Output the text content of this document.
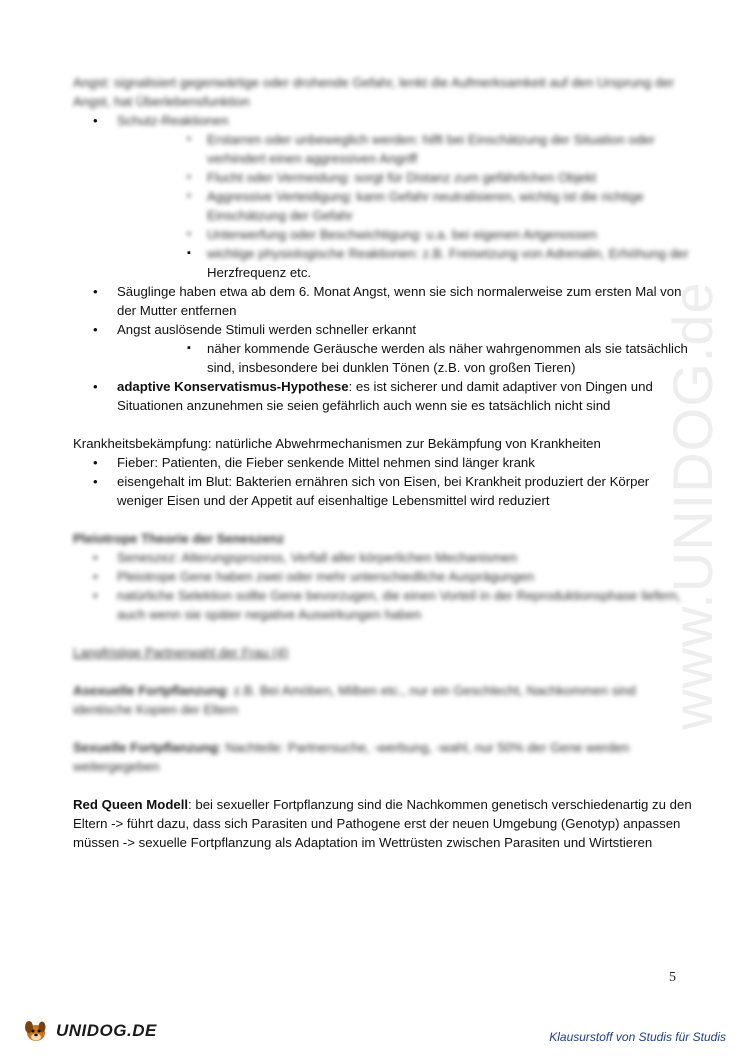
www.UNIDOG.de

Angst: signalisiert gegenwärtige oder drohende Gefahr, lenkt die Aufmerksamkeit auf den Ursprung der Angst, hat Überlebensfunktion

• Schutz-Reaktionen
▪ Erstarren oder unbeweglich werden: hilft bei Einschätzung der Situation oder verhindert einen aggressiven Angriff
▪ Flucht oder Vermeidung: sorgt für Distanz zum gefährlichen Objekt
▪ Aggressive Verteidigung: kann Gefahr neutralisieren, wichtig ist die richtige Einschätzung der Gefahr
▪ Unterwerfung oder Beschwichtigung: u.a. bei eigenen Artgenossen
▪ wichtige physiologische Reaktionen: z.B. Freisetzung von Adrenalin, Erhöhung der
Herzfrequenz etc.
• Säuglinge haben etwa ab dem 6. Monat Angst, wenn sie sich normalerweise zum ersten Mal von der Mutter entfernen
• Angst auslösende Stimuli werden schneller erkannt
▪ näher kommende Geräusche werden als näher wahrgenommen als sie tatsächlich sind, insbesondere bei dunklen Tönen (z.B. von großen Tieren)
• adaptive Konservatismus-Hypothese: es ist sicherer und damit adaptiver von Dingen und Situationen anzunehmen sie seien gefährlich auch wenn sie es tatsächlich nicht sind

Krankheitsbekämpfung: natürliche Abwehrmechanismen zur Bekämpfung von Krankheiten

• Fieber: Patienten, die Fieber senkende Mittel nehmen sind länger krank
• eisengehalt im Blut: Bakterien ernähren sich von Eisen, bei Krankheit produziert der Körper weniger Eisen und der Appetit auf eisenhaltige Lebensmittel wird reduziert

Pleiotrope Theorie der Seneszenz

• Seneszez: Alterungsprozess, Verfall aller körperlichen Mechanismen
• Pleiotrope Gene haben zwei oder mehr unterschiedliche Ausprägungen
• natürliche Selektion sollte Gene bevorzugen, die einen Vorteil in der Reproduktionsphase liefern, auch wenn sie später negative Auswirkungen haben

Langfristige Partnerwahl der Frau (4)

Asexuelle Fortpflanzung: z.B. Bei Amöben, Milben etc., nur ein Geschlecht, Nachkommen sind identische Kopien der Eltern

Sexuelle Fortpflanzung: Nachteile: Partnersuche, -werbung, -wahl, nur 50% der Gene werden weitergegeben

Red Queen Modell: bei sexueller Fortpflanzung sind die Nachkommen genetisch verschiedenartig zu den Eltern -> führt dazu, dass sich Parasiten und Pathogene erst der neuen Umgebung (Genotyp) anpassen müssen -> sexuelle Fortpflanzung als Adaptation im Wettrüsten zwischen Parasiten und Wirtstieren

5
UNIDOG.DE	Klausurstoff von Studis für Studis
